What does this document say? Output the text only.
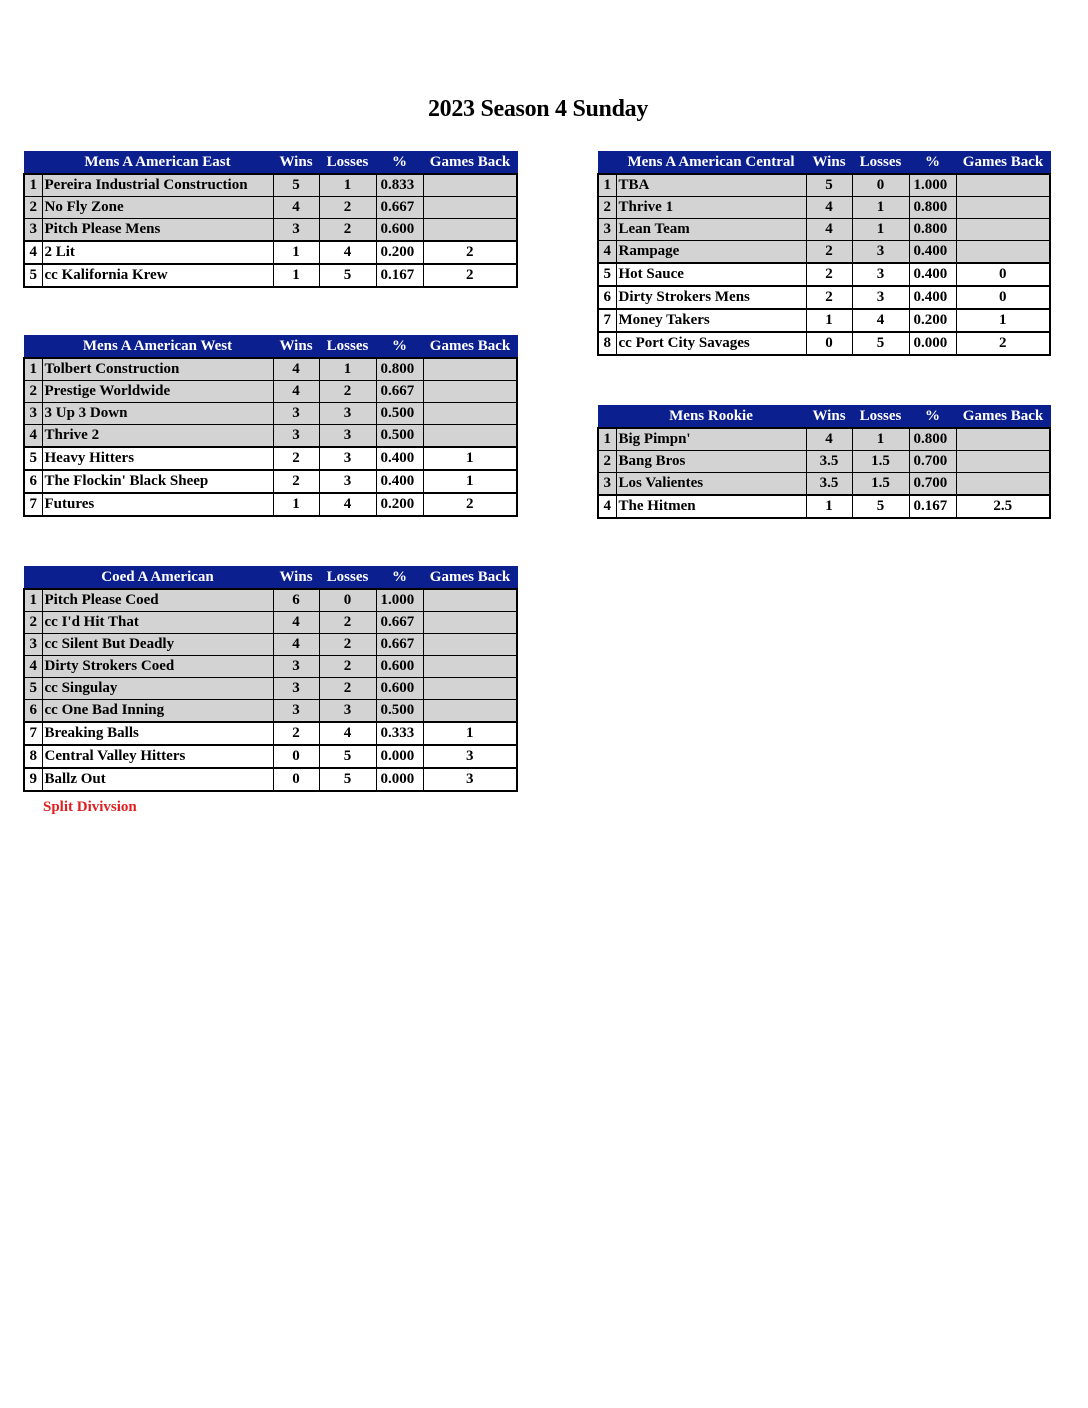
2023 Season 4 Sunday
	Mens A American East	Wins	Losses	%	Games Back
1	Pereira Industrial Construction	5	1	0.833	
2	No Fly Zone	4	2	0.667	
3	Pitch Please Mens	3	2	0.600	
4	2 Lit	1	4	0.200	2
5	cc Kalifornia Krew	1	5	0.167	2
	Mens A American Central	Wins	Losses	%	Games Back
1	TBA	5	0	1.000	
2	Thrive 1	4	1	0.800	
3	Lean Team	4	1	0.800	
4	Rampage	2	3	0.400	
5	Hot Sauce	2	3	0.400	0
6	Dirty Strokers Mens	2	3	0.400	0
7	Money Takers	1	4	0.200	1
8	cc Port City Savages	0	5	0.000	2
	Mens A American West	Wins	Losses	%	Games Back
1	Tolbert Construction	4	1	0.800	
2	Prestige Worldwide	4	2	0.667	
3	3 Up 3 Down	3	3	0.500	
4	Thrive 2	3	3	0.500	
5	Heavy Hitters	2	3	0.400	1
6	The Flockin' Black Sheep	2	3	0.400	1
7	Futures	1	4	0.200	2
	Mens Rookie	Wins	Losses	%	Games Back
1	Big Pimpn'	4	1	0.800	
2	Bang Bros	3.5	1.5	0.700	
3	Los Valientes	3.5	1.5	0.700	
4	The Hitmen	1	5	0.167	2.5
	Coed A American	Wins	Losses	%	Games Back
1	Pitch Please Coed	6	0	1.000	
2	cc I'd Hit That	4	2	0.667	
3	cc Silent But Deadly	4	2	0.667	
4	Dirty Strokers Coed	3	2	0.600	
5	cc Singulay	3	2	0.600	
6	cc One Bad Inning	3	3	0.500	
7	Breaking Balls	2	4	0.333	1
8	Central Valley Hitters	0	5	0.000	3
9	Ballz Out	0	5	0.000	3
Split Divivsion
